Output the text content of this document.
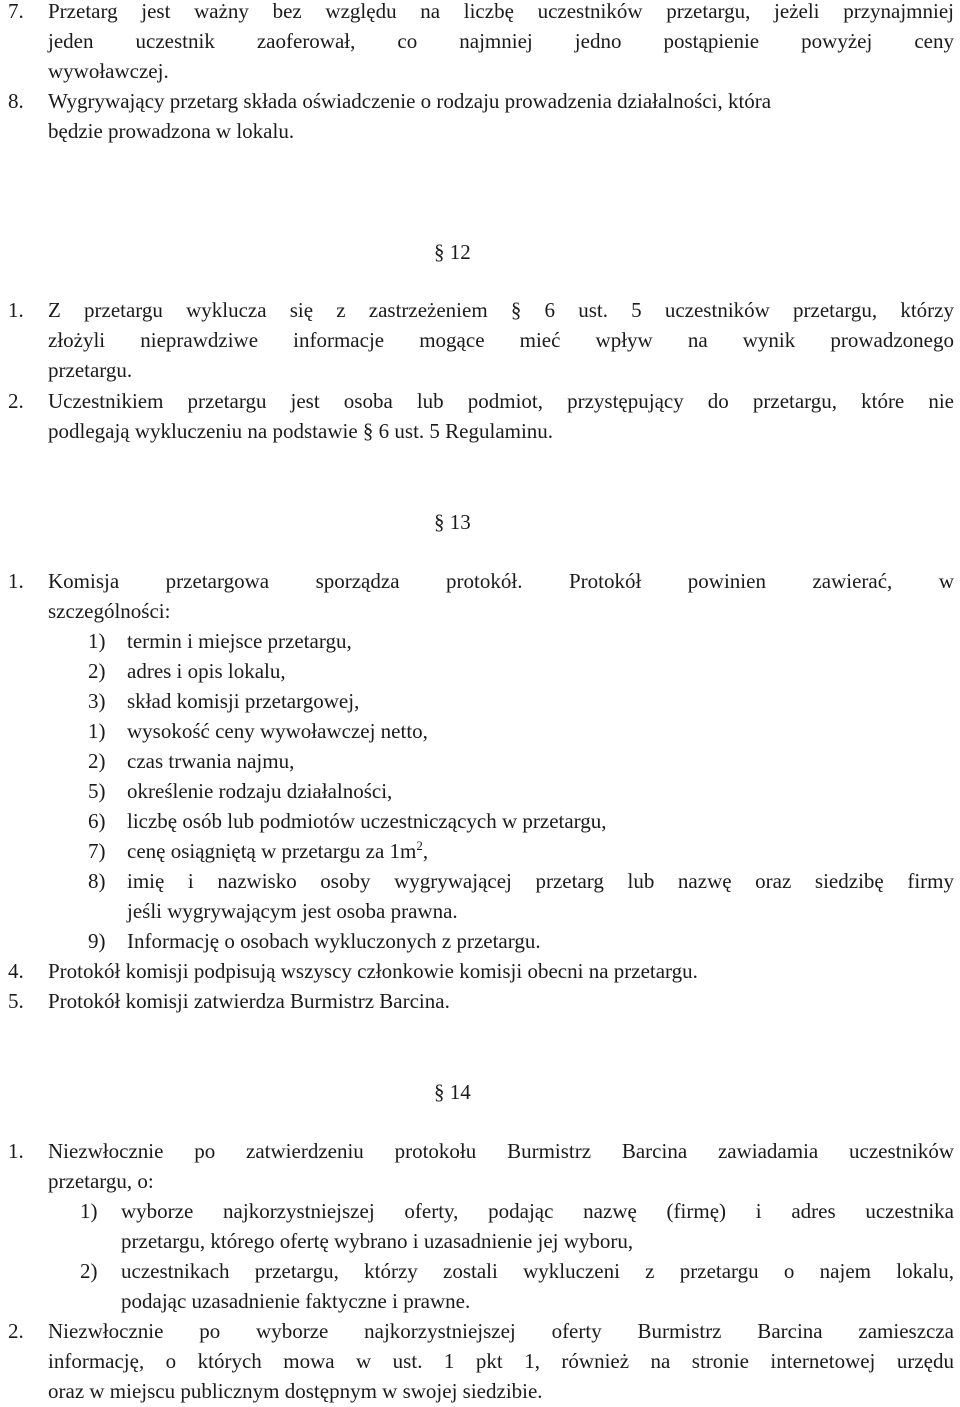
7. Przetarg jest ważny bez względu na liczbę uczestników przetargu, jeżeli przynajmniej
jeden uczestnik zaoferował, co najmniej jedno postąpienie powyżej ceny
wywoławczej.
8. Wygrywający przetarg składa oświadczenie o rodzaju prowadzenia działalności, która
będzie prowadzona w lokalu.
§ 12
1. Z przetargu wyklucza się z zastrzeżeniem § 6 ust. 5 uczestników przetargu, którzy
złożyli nieprawdziwe informacje mogące mieć wpływ na wynik prowadzonego
przetargu.
2. Uczestnikiem przetargu jest osoba lub podmiot, przystępujący do przetargu, które nie
podlegają wykluczeniu na podstawie § 6 ust. 5 Regulaminu.
§ 13
1. Komisja przetargowa sporządza protokół. Protokół powinien zawierać, w
szczególności:
1) termin i miejsce przetargu,
2) adres i opis lokalu,
3) skład komisji przetargowej,
1) wysokość ceny wywoławczej netto,
2) czas trwania najmu,
5) określenie rodzaju działalności,
6) liczbę osób lub podmiotów uczestniczących w przetargu,
7) cenę osiągniętą w przetargu za $1m^2$,
8) imię i nazwisko osoby wygrywającej przetarg lub nazwę oraz siedzibę firmy
jeśli wygrywającym jest osoba prawna.
9) Informację o osobach wykluczonych z przetargu.
4. Protokół komisji podpisują wszyscy członkowie komisji obecni na przetargu.
5. Protokół komisji zatwierdza Burmistrz Barcina.
§ 14
1. Niezwłocznie po zatwierdzeniu protokołu Burmistrz Barcina zawiadamia uczestników
przetargu, o:
1) wyborze najkorzystniejszej oferty, podając nazwę (firmę) i adres uczestnika
przetargu, którego ofertę wybrano i uzasadnienie jej wyboru,
2) uczestnikach przetargu, którzy zostali wykluczeni z przetargu o najem lokalu,
podając uzasadnienie faktyczne i prawne.
2. Niezwłocznie po wyborze najkorzystniejszej oferty Burmistrz Barcina zamieszcza
informację, o których mowa w ust. 1 pkt 1, również na stronie internetowej urzędu
oraz w miejscu publicznym dostępnym w swojej siedzibie.
